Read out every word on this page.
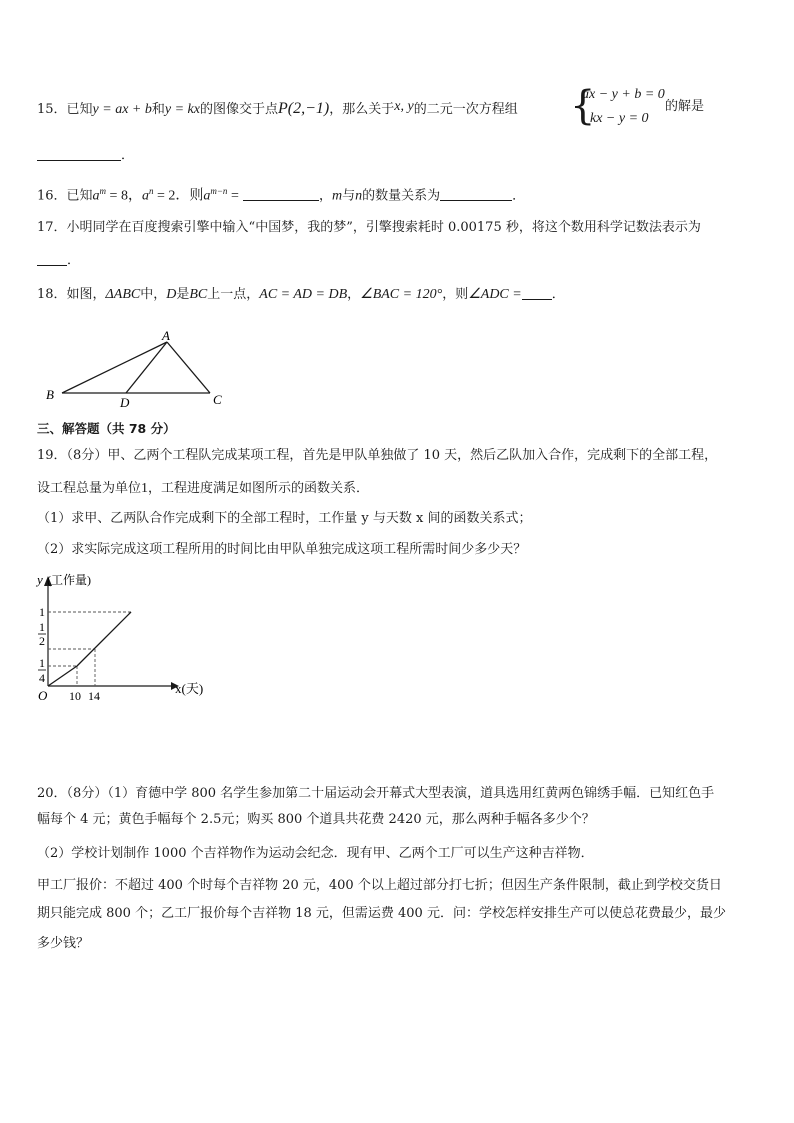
15．已知y = ax + b和y = kx的图像交于点P(2,−1)，那么关于x, y的二元一次方程组 {
ax − y + b = 0
kx − y = 0
的解是
．
16．已知$a^m = 8$，$a^n = 2$．则$a^{m-n}$ =	，m与n的数量关系为	．
17．小明同学在百度搜索引擎中输入“中国梦，我的梦”，引擎搜索耗时 0.00175 秒，将这个数用科学记数法表示为
．
18．如图，ΔABC中，D是BC上一点，AC = AD = DB，∠BAC = 120°，则∠ADC = ．
A
B	C
D
三、解答题（共 78 分）
19．（8分）甲、乙两个工程队完成某项工程，首先是甲队单独做了 10 天，然后乙队加入合作，完成剩下的全部工程，
设工程总量为单位1，工程进度满足如图所示的函数关系．
（1）求甲、乙两队合作完成剩下的全部工程时，工作量 y 与天数 x 间的函数关系式；
（2）求实际完成这项工程所用的时间比由甲队单独完成这项工程所需时间少多少天？
y (工作量)
x(天)
O
1
1
2
1
4
10 14
20．（8分）（1）育德中学 800 名学生参加第二十届运动会开幕式大型表演，道具选用红黄两色锦绣手幅．已知红色手
幅每个 4 元；黄色手幅每个 2.5元；购买 800 个道具共花费 2420 元，那么两种手幅各多少个？
（2）学校计划制作 1000 个吉祥物作为运动会纪念．现有甲、乙两个工厂可以生产这种吉祥物．
甲工厂报价：不超过 400 个时每个吉祥物 20 元，400 个以上超过部分打七折；但因生产条件限制，截止到学校交货日
期只能完成 800 个；乙工厂报价每个吉祥物 18 元，但需运费 400 元．问：学校怎样安排生产可以使总花费最少，最少
多少钱？
